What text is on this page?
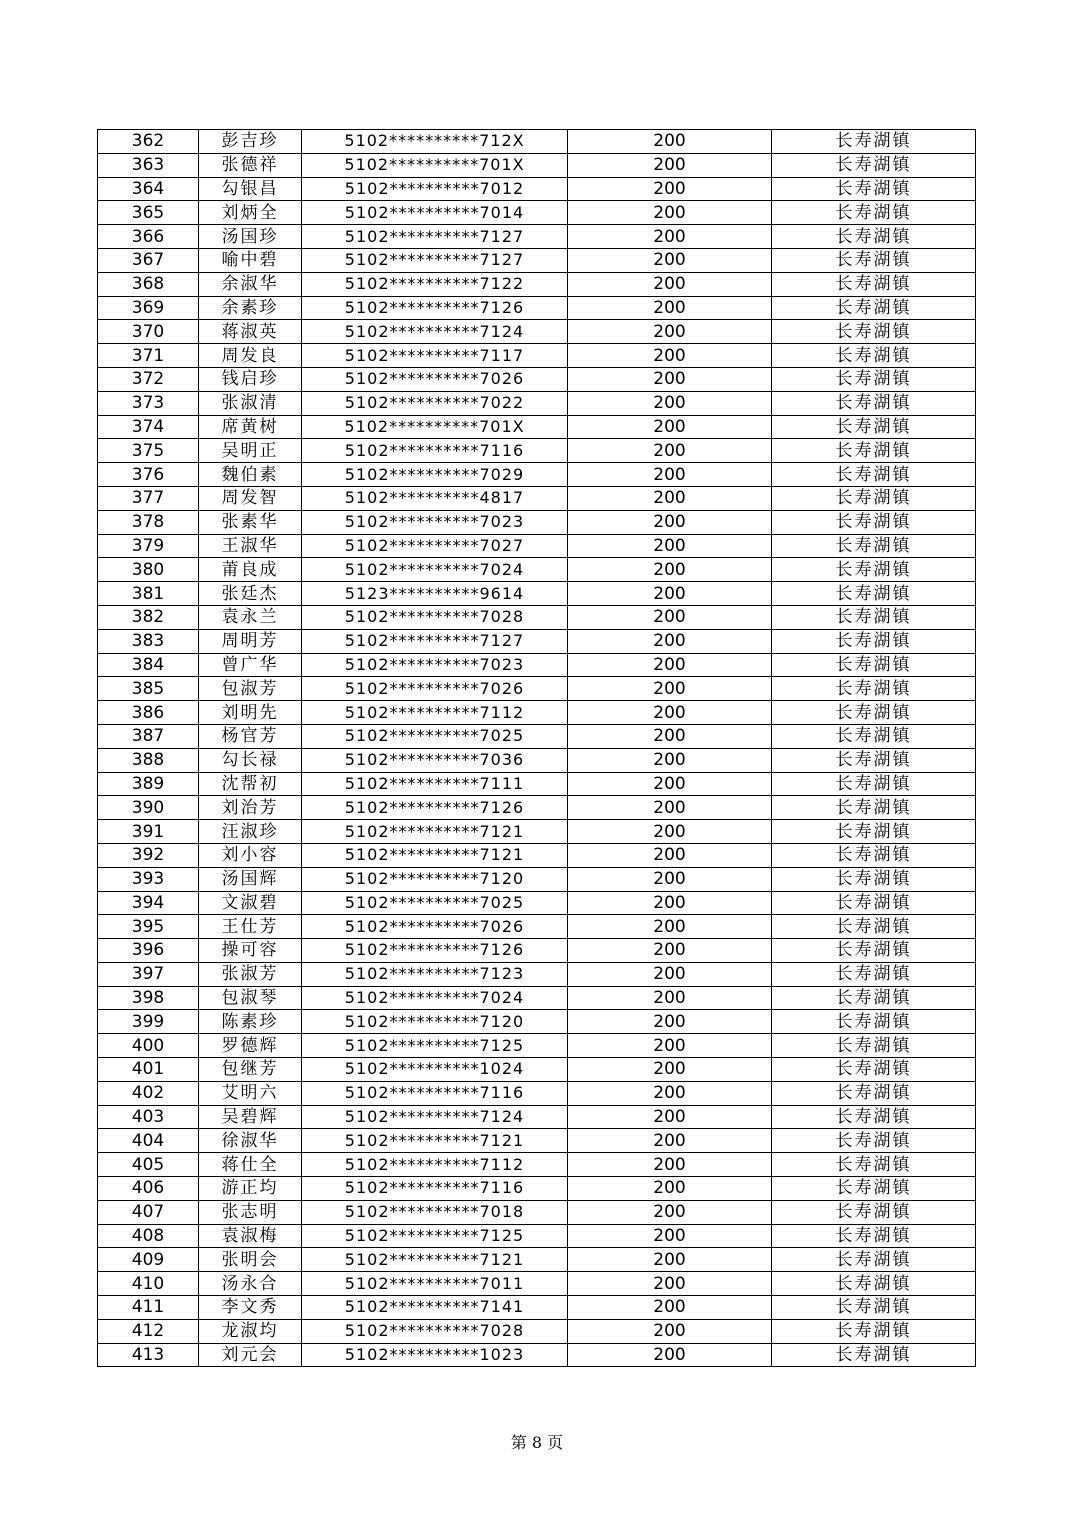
362	彭吉珍	5102**********712X	200	长寿湖镇
363	张德祥	5102**********701X	200	长寿湖镇
364	勾银昌	5102**********7012	200	长寿湖镇
365	刘炳全	5102**********7014	200	长寿湖镇
366	汤国珍	5102**********7127	200	长寿湖镇
367	喻中碧	5102**********7127	200	长寿湖镇
368	余淑华	5102**********7122	200	长寿湖镇
369	余素珍	5102**********7126	200	长寿湖镇
370	蒋淑英	5102**********7124	200	长寿湖镇
371	周发良	5102**********7117	200	长寿湖镇
372	钱启珍	5102**********7026	200	长寿湖镇
373	张淑清	5102**********7022	200	长寿湖镇
374	席黄树	5102**********701X	200	长寿湖镇
375	吴明正	5102**********7116	200	长寿湖镇
376	魏伯素	5102**********7029	200	长寿湖镇
377	周发智	5102**********4817	200	长寿湖镇
378	张素华	5102**********7023	200	长寿湖镇
379	王淑华	5102**********7027	200	长寿湖镇
380	莆良成	5102**********7024	200	长寿湖镇
381	张廷杰	5123**********9614	200	长寿湖镇
382	袁永兰	5102**********7028	200	长寿湖镇
383	周明芳	5102**********7127	200	长寿湖镇
384	曾广华	5102**********7023	200	长寿湖镇
385	包淑芳	5102**********7026	200	长寿湖镇
386	刘明先	5102**********7112	200	长寿湖镇
387	杨官芳	5102**********7025	200	长寿湖镇
388	勾长禄	5102**********7036	200	长寿湖镇
389	沈帮初	5102**********7111	200	长寿湖镇
390	刘治芳	5102**********7126	200	长寿湖镇
391	汪淑珍	5102**********7121	200	长寿湖镇
392	刘小容	5102**********7121	200	长寿湖镇
393	汤国辉	5102**********7120	200	长寿湖镇
394	文淑碧	5102**********7025	200	长寿湖镇
395	王仕芳	5102**********7026	200	长寿湖镇
396	操可容	5102**********7126	200	长寿湖镇
397	张淑芳	5102**********7123	200	长寿湖镇
398	包淑琴	5102**********7024	200	长寿湖镇
399	陈素珍	5102**********7120	200	长寿湖镇
400	罗德辉	5102**********7125	200	长寿湖镇
401	包继芳	5102**********1024	200	长寿湖镇
402	艾明六	5102**********7116	200	长寿湖镇
403	吴碧辉	5102**********7124	200	长寿湖镇
404	徐淑华	5102**********7121	200	长寿湖镇
405	蒋仕全	5102**********7112	200	长寿湖镇
406	游正均	5102**********7116	200	长寿湖镇
407	张志明	5102**********7018	200	长寿湖镇
408	袁淑梅	5102**********7125	200	长寿湖镇
409	张明会	5102**********7121	200	长寿湖镇
410	汤永合	5102**********7011	200	长寿湖镇
411	李文秀	5102**********7141	200	长寿湖镇
412	龙淑均	5102**********7028	200	长寿湖镇
413	刘元会	5102**********1023	200	长寿湖镇
第 8 页
